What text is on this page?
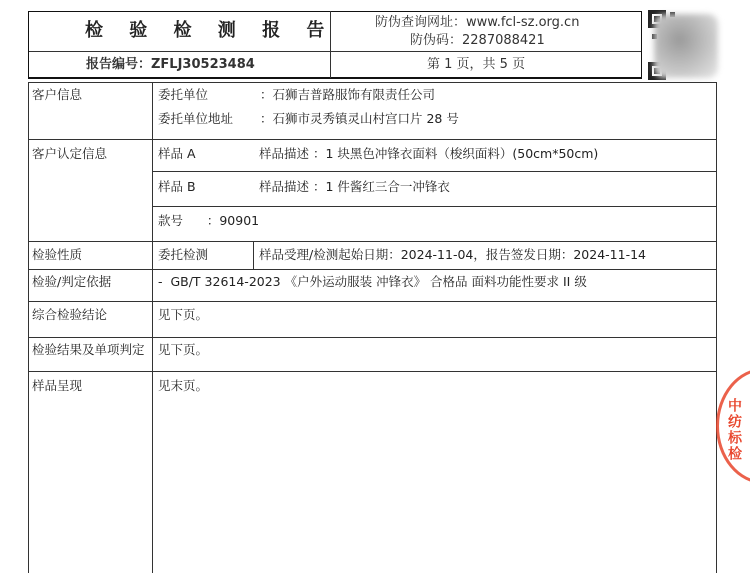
检 验 检 测 报 告	防伪查询网址：www.fcl-sz.org.cn
防伪码：2287088421
报告编号： ZFLJ30523484	第 1 页，共 5 页
客户信息	委托单位	：石狮吉普路服饰有限责任公司
委托单位地址 ：石狮市灵秀镇灵山村宫口片 28 号
客户认定信息	样品 A	样品描述 ：1 块黑色冲锋衣面料（梭织面料）(50cm*50cm)
样品 B	样品描述 ：1 件酱红三合一冲锋衣
款号      ：90901
检验性质	委托检测	样品受理/检测起始日期：2024-11-04，报告签发日期：2024-11-14
检验/判定依据	-  GB/T 32614-2023 《户外运动服装 冲锋衣》 合格品 面料功能性要求 II 级
综合检验结论	见下页。
检验结果及单项判定 见下页。
样品呈现	见末页。
中纺标检
